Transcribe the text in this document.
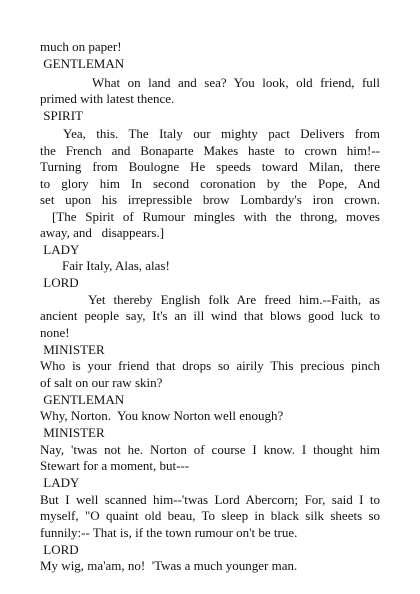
much on paper!
GENTLEMAN
What on land and sea? You look, old friend, full
primed with latest thence.
SPIRIT
Yea, this. The Italy our mighty pact Delivers from
the French and Bonaparte Makes haste to crown him!--
Turning from Boulogne He speeds toward Milan, there
to glory him In second coronation by the Pope, And
set upon his irrepressible brow Lombardy's iron crown.
[The Spirit of Rumour mingles with the throng, moves
away, and   disappears.]
LADY
Fair Italy, Alas, alas!
LORD
Yet thereby English folk Are freed him.--Faith, as
ancient people say, It's an ill wind that blows good luck to
none!
MINISTER
Who is your friend that drops so airily This precious pinch
of salt on our raw skin?
GENTLEMAN
Why, Norton.  You know Norton well enough?
MINISTER
Nay, 'twas not he. Norton of course I know. I thought him
Stewart for a moment, but---
LADY
But I well scanned him--'twas Lord Abercorn; For, said I to
myself, "O quaint old beau, To sleep in black silk sheets so
funnily:-- That is, if the town rumour on't be true.
LORD
My wig, ma'am, no!  'Twas a much younger man.
